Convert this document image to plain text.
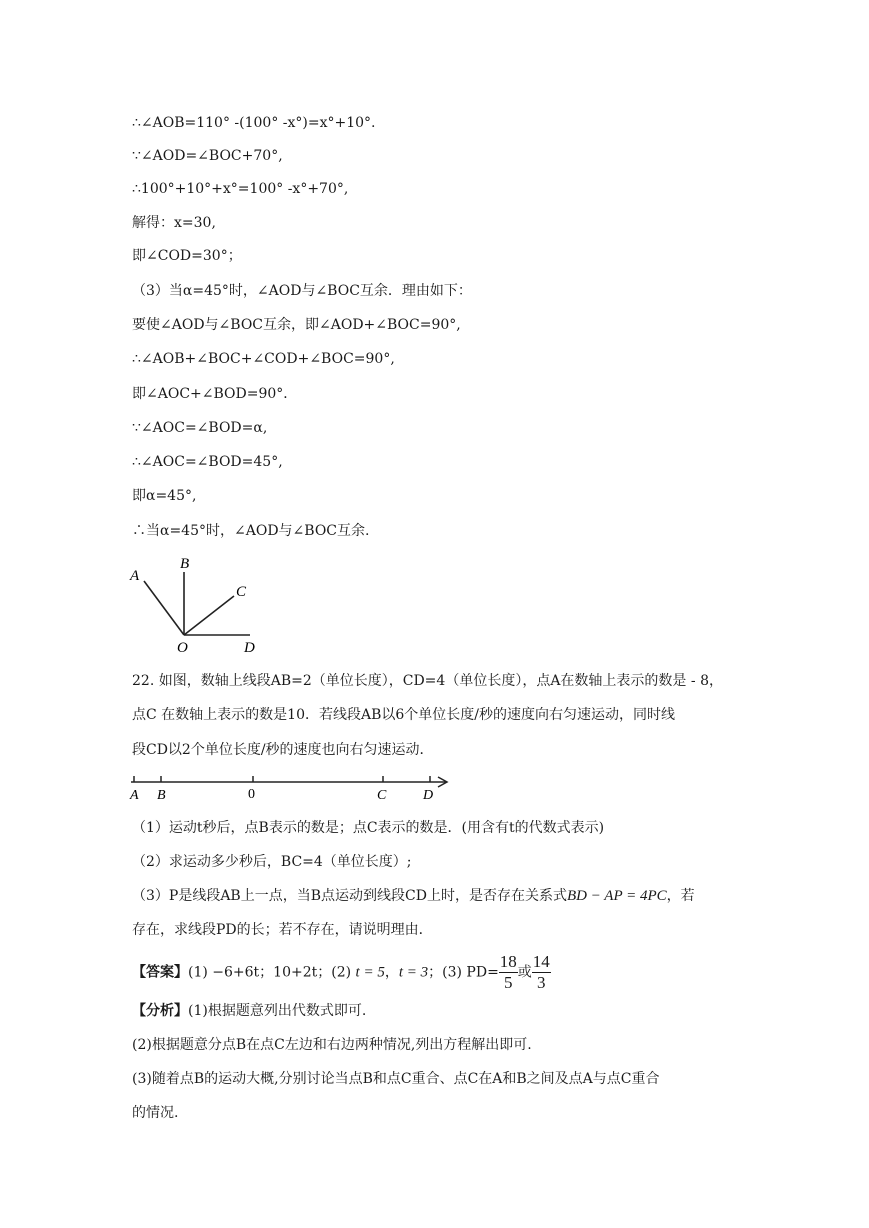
∴∠AOB=110° -(100° -x°)=x°+10°.
∵∠AOD=∠BOC+70°,
∴100°+10°+x°=100° -x°+70°,
解得：x=30,
即∠COD=30°；
（3）当α=45°时，∠AOD与∠BOC互余．理由如下：
要使∠AOD与∠BOC互余，即∠AOD+∠BOC=90°,
∴∠AOB+∠BOC+∠COD+∠BOC=90°,
即∠AOC+∠BOD=90°．
∵∠AOC=∠BOD=α,
∴∠AOC=∠BOD=45°,
即α=45°,
∴当α=45°时，∠AOD与∠BOC互余.
A
B
C
O	D
22. 如图，数轴上线段AB=2（单位长度），CD=4（单位长度），点A在数轴上表示的数是 - 8，
点C 在数轴上表示的数是10．若线段AB以6个单位长度/秒的速度向右匀速运动，同时线
段CD以2个单位长度/秒的速度也向右匀速运动．
A B	0	C	D
（1）运动t秒后，点B表示的数是；点C表示的数是．(用含有t的代数式表示)
（2）求运动多少秒后，BC=4（单位长度）;
（3）P是线段AB上一点，当B点运动到线段CD上时，是否存在关系式BD − AP = 4PC，若
存在，求线段PD的长；若不存在，请说明理由．
【答案】(1) −6+6t；10+2t；(2) t = 5，t = 3；(3) $PD= \frac{18}{5}$ 或 $\frac{14}{3}$
【分析】(1)根据题意列出代数式即可.
(2)根据题意分点B在点C左边和右边两种情况,列出方程解出即可.
(3)随着点B的运动大概,分别讨论当点B和点C重合、点C在A和B之间及点A与点C重合
的情况.
